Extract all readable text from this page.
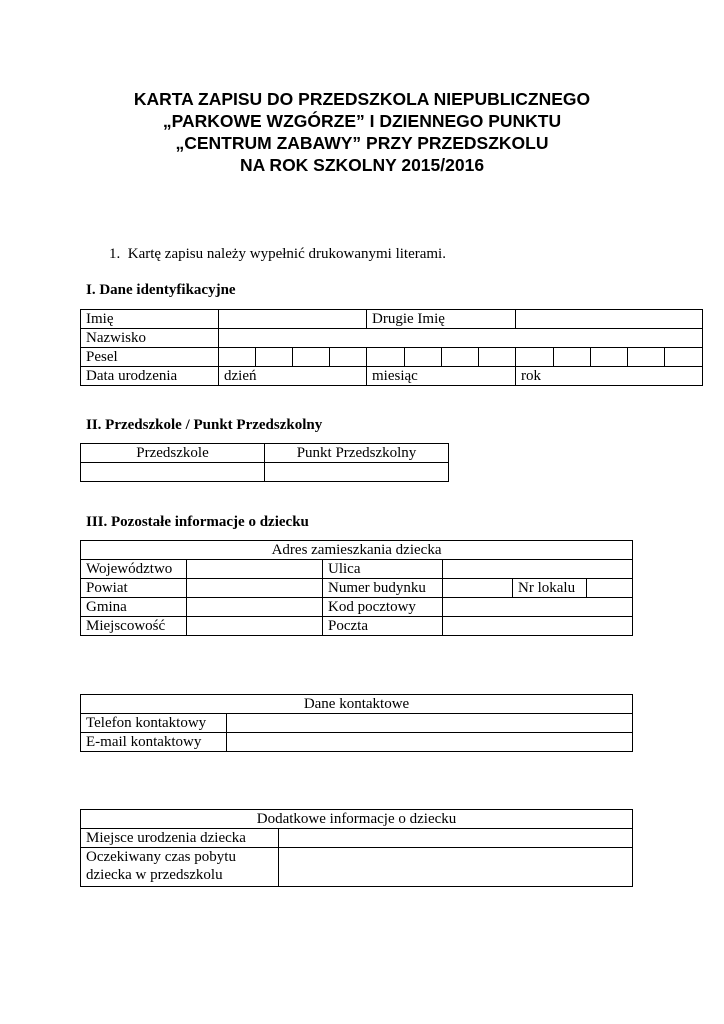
KARTA ZAPISU DO PRZEDSZKOLA NIEPUBLICZNEGO
„PARKOWE WZGÓRZE” I DZIENNEGO PUNKTU
„CENTRUM ZABAWY” PRZY PRZEDSZKOLU
NA ROK SZKOLNY 2015/2016

1.  Kartę zapisu należy wypełnić drukowanymi literami.

I. Dane identyfikacyjne

Imię					Drugie Imię								
Nazwisko													
Pesel													
Data urodzenia	dzień				miesiąc				rok				

II. Przedszkole / Punkt Przedszkolny

Przedszkole	Punkt Przedszkolny

III. Pozostałe informacje o dziecku

Adres zamieszkania dziecka					
Województwo		Ulica			
Powiat		Numer budynku		Nr lokalu	
Gmina		Kod pocztowy			
Miejscowość		Poczta			
Dane kontaktowe	
Telefon kontaktowy	
E-mail kontaktowy	
Dodatkowe informacje o dziecku	
Miejsce urodzenia dziecka	
Oczekiwany czas pobytu dziecka w przedszkolu	
